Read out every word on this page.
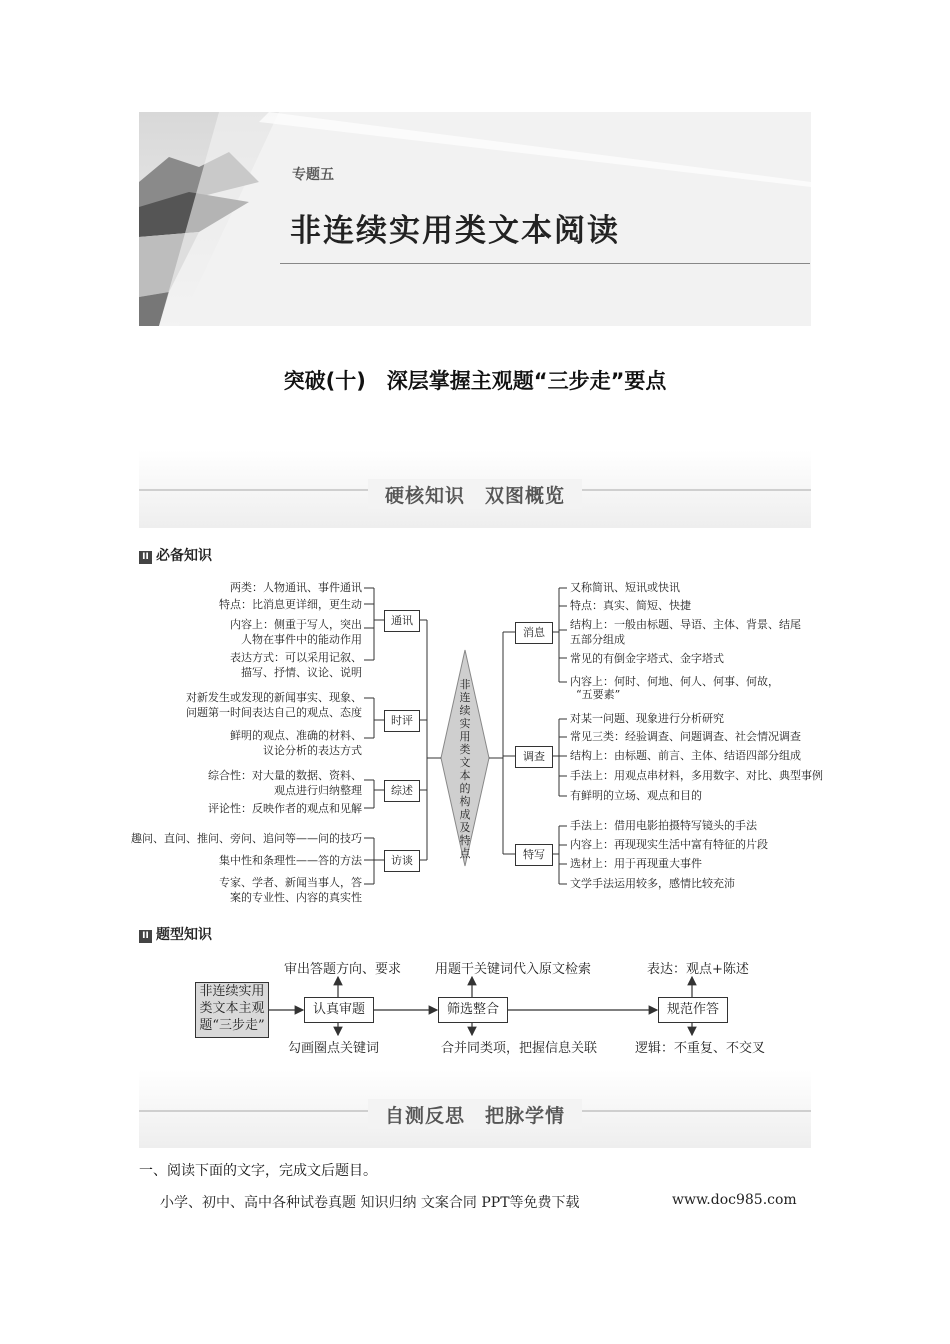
专题五
非连续实用类文本阅读
突破(十)　深层掌握主观题“三步走”要点
硬核知识　双图概览
II 必备知识
非
连
续
实
用
类
文
本
的
构
成
及
特
点
通讯
时评
综述
访谈
消息
调查
特写
两类：人物通讯、事件通讯
特点：比消息更详细，更生动
内容上：侧重于写人，突出
人物在事件中的能动作用
表达方式：可以采用记叙、
描写、抒情、议论、说明
对新发生或发现的新闻事实、现象、
问题第一时间表达自己的观点、态度
鲜明的观点、准确的材料、
议论分析的表达方式
综合性：对大量的数据、资料、
观点进行归纳整理
评论性：反映作者的观点和见解
趣问、直问、推问、旁问、追问等——问的技巧
集中性和条理性——答的方法
专家、学者、新闻当事人，答
案的专业性、内容的真实性
又称简讯、短讯或快讯
特点：真实、简短、快捷
结构上：一般由标题、导语、主体、背景、结尾
五部分组成
常见的有倒金字塔式、金字塔式
内容上：何时、何地、何人、何事、何故，
“五要素”
对某一问题、现象进行分析研究
常见三类：经验调查、问题调查、社会情况调查
结构上：由标题、前言、主体、结语四部分组成
手法上：用观点串材料，多用数字、对比、典型事例
有鲜明的立场、观点和目的
手法上：借用电影拍摄特写镜头的手法
内容上：再现现实生活中富有特征的片段
选材上：用于再现重大事件
文学手法运用较多，感情比较充沛
II 题型知识
非连续实用
类文本主观
题“三步走”
认真审题	筛选整合	规范作答
审出答题方向、要求
勾画圈点关键词
用题干关键词代入原文检索
合并同类项，把握信息关联
表达：观点+陈述
逻辑：不重复、不交叉
自测反思　把脉学情
一、阅读下面的文字，完成文后题目。
小学、初中、高中各种试卷真题 知识归纳 文案合同 PPT等免费下载	www.doc985.com
